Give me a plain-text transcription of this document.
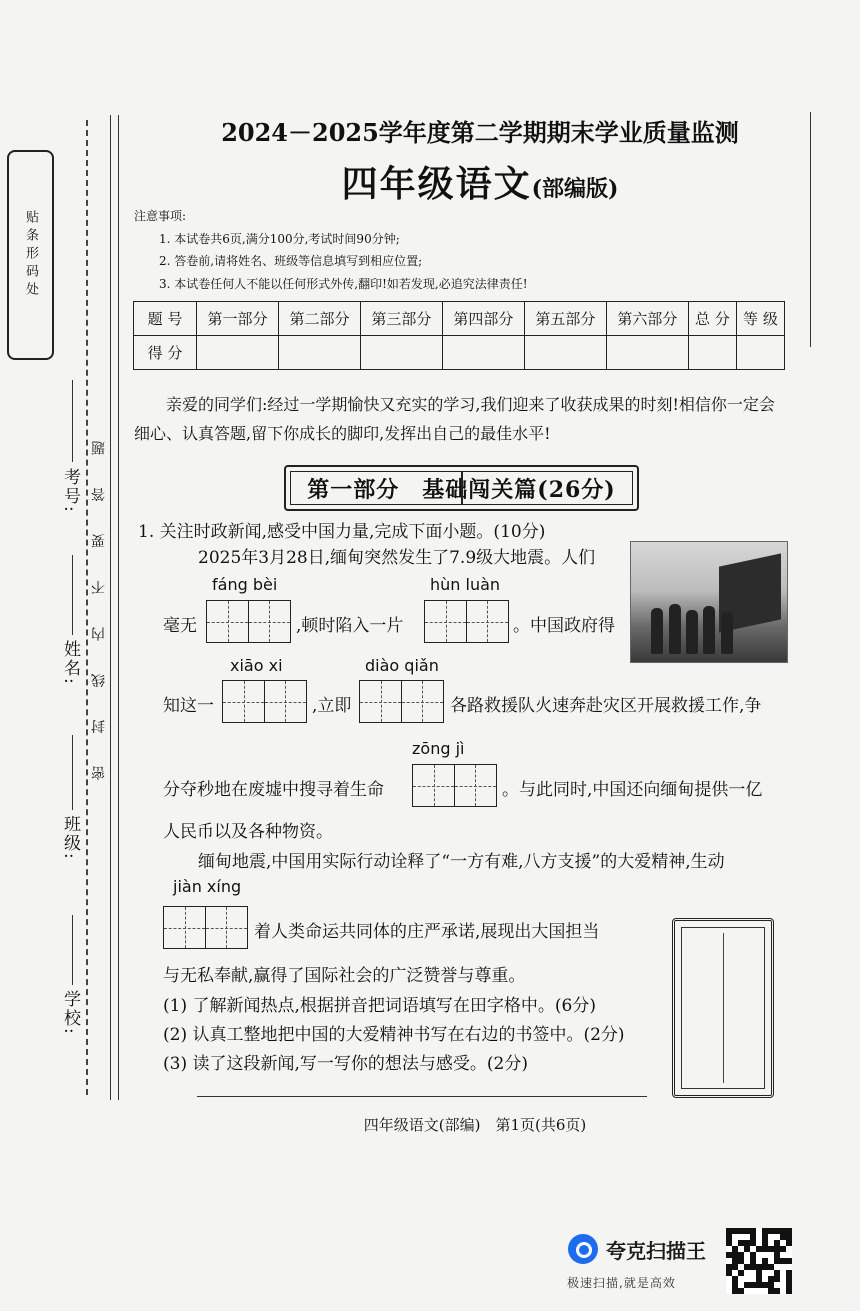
贴条形码处
学校:
班级:
姓名:
考号: 密 封 线 内 不 要 答 题
2024－2025学年度第二学期期末学业质量监测
四年级语文(部编版)
注意事项:
1. 本试卷共6页,满分100分,考试时间90分钟;
2. 答卷前,请将姓名、班级等信息填写到相应位置;
3. 本试卷任何人不能以任何形式外传,翻印!如若发现,必追究法律责任!
题 号	第一部分	第二部分	第三部分	第四部分	第五部分	第六部分	总 分	等 级
得 分								
亲爱的同学们:经过一学期愉快又充实的学习,我们迎来了收获成果的时刻!相信你一定会细心、认真答题,留下你成长的脚印,发挥出自己的最佳水平!
第一部分　基础闯关篇(26分)
1. 关注时政新闻,感受中国力量,完成下面小题。(10分)
2025年3月28日,缅甸突然发生了7.9级大地震。人们
fáng bèi	hùn luàn
毫无	,顿时陷入一片	。中国政府得
xiāo xi	diào qiǎn
知这一	,立即	各路救援队火速奔赴灾区开展救援工作,争
zōng jì
分夺秒地在废墟中搜寻着生命	。与此同时,中国还向缅甸提供一亿
人民币以及各种物资。
缅甸地震,中国用实际行动诠释了“一方有难,八方支援”的大爱精神,生动
jiàn xíng
着人类命运共同体的庄严承诺,展现出大国担当
与无私奉献,赢得了国际社会的广泛赞誉与尊重。
(1) 了解新闻热点,根据拼音把词语填写在田字格中。(6分)
(2) 认真工整地把中国的大爱精神书写在右边的书签中。(2分)
(3) 读了这段新闻,写一写你的想法与感受。(2分)
四年级语文(部编)　第1页(共6页)
夸克扫描王
极速扫描,就是高效
